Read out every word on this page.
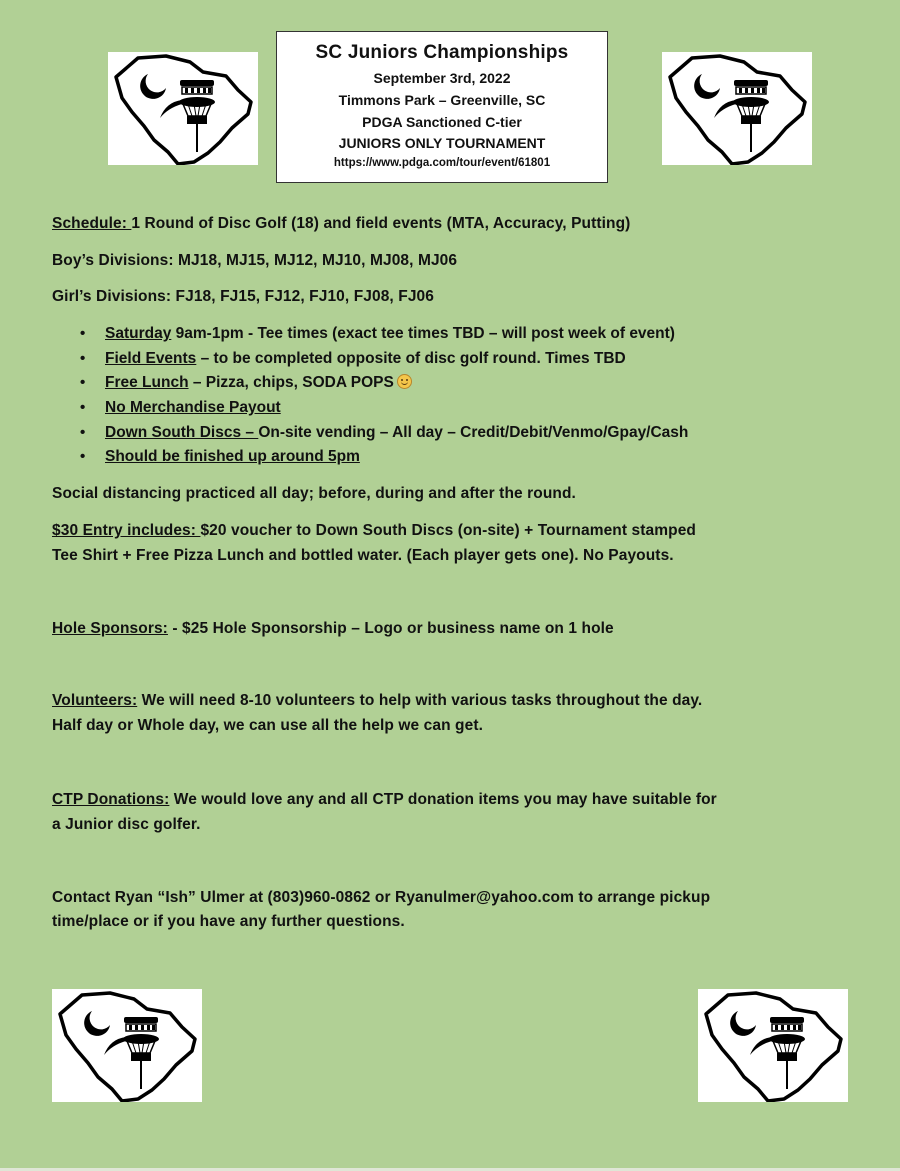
SC Juniors Championships
September 3rd, 2022
Timmons Park – Greenville, SC
PDGA Sanctioned C-tier
JUNIORS ONLY TOURNAMENT
https://www.pdga.com/tour/event/61801
Schedule: 1 Round of Disc Golf (18) and field events (MTA, Accuracy, Putting)
Boy’s Divisions: MJ18, MJ15, MJ12, MJ10, MJ08, MJ06
Girl’s Divisions: FJ18, FJ15, FJ12, FJ10, FJ08, FJ06
• Saturday 9am-1pm - Tee times (exact tee times TBD – will post week of event)
• Field Events – to be completed opposite of disc golf round. Times TBD
• Free Lunch – Pizza, chips, SODA POPS
• No Merchandise Payout
• Down South Discs – On-site vending – All day – Credit/Debit/Venmo/Gpay/Cash
• Should be finished up around 5pm
Social distancing practiced all day; before, during and after the round.
$30 Entry includes: $20 voucher to Down South Discs (on-site) + Tournament stamped
Tee Shirt + Free Pizza Lunch and bottled water. (Each player gets one). No Payouts.
Hole Sponsors: - $25 Hole Sponsorship – Logo or business name on 1 hole
Volunteers: We will need 8-10 volunteers to help with various tasks throughout the day.
Half day or Whole day, we can use all the help we can get.
CTP Donations: We would love any and all CTP donation items you may have suitable for
a Junior disc golfer.
Contact Ryan “Ish” Ulmer at (803)960-0862 or Ryanulmer@yahoo.com to arrange pickup
time/place or if you have any further questions.
